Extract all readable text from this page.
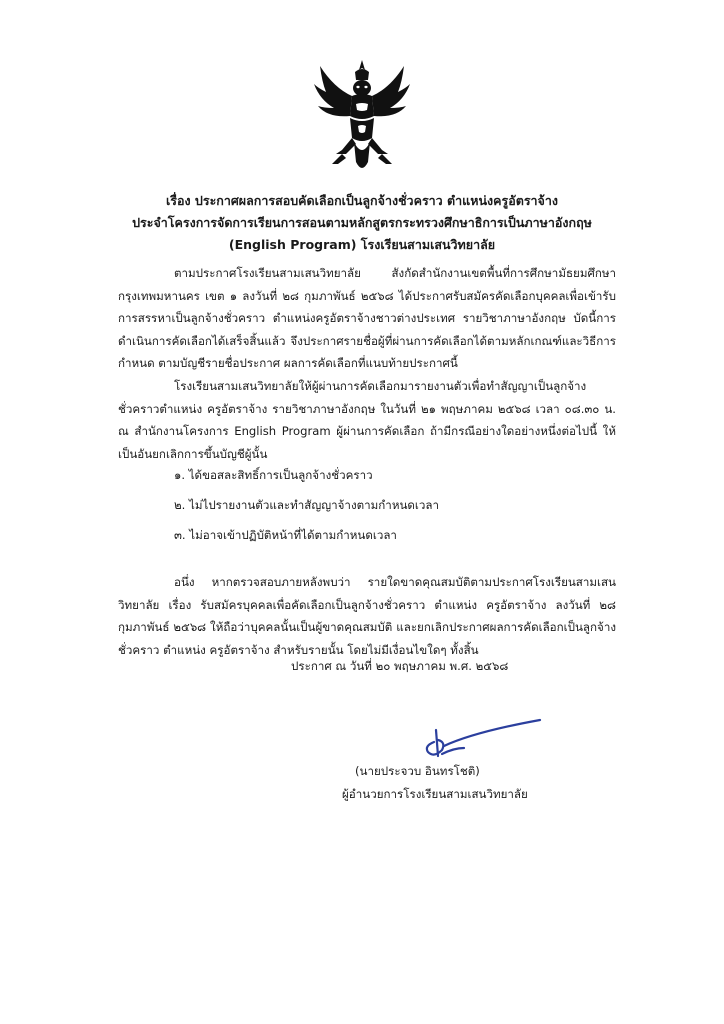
เรื่อง ประกาศผลการสอบคัดเลือกเป็นลูกจ้างชั่วคราว ตำแหน่งครูอัตราจ้าง
ประจำโครงการจัดการเรียนการสอนตามหลักสูตรกระทรวงศึกษาธิการเป็นภาษาอังกฤษ
(English Program) โรงเรียนสามเสนวิทยาลัย
ตามประกาศโรงเรียนสามเสนวิทยาลัย สังกัดสำนักงานเขตพื้นที่การศึกษามัธยมศึกษากรุงเทพมหานคร เขต ๑ ลงวันที่ ๒๘ กุมภาพันธ์ ๒๕๖๘ ได้ประกาศรับสมัครคัดเลือกบุคคลเพื่อเข้ารับการสรรหาเป็นลูกจ้างชั่วคราว ตำแหน่งครูอัตราจ้างชาวต่างประเทศ รายวิชาภาษาอังกฤษ บัดนี้การดำเนินการคัดเลือกได้เสร็จสิ้นแล้ว จึงประกาศรายชื่อผู้ที่ผ่านการคัดเลือกได้ตามหลักเกณฑ์และวิธีการกำหนด ตามบัญชีรายชื่อประกาศ ผลการคัดเลือกที่แนบท้ายประกาศนี้
โรงเรียนสามเสนวิทยาลัยให้ผู้ผ่านการคัดเลือกมารายงานตัวเพื่อทำสัญญาเป็นลูกจ้างชั่วคราวตำแหน่ง ครูอัตราจ้าง รายวิชาภาษาอังกฤษ ในวันที่ ๒๑ พฤษภาคม ๒๕๖๘ เวลา ๐๘.๓๐ น. ณ สำนักงานโครงการ English Program ผู้ผ่านการคัดเลือก ถ้ามีกรณีอย่างใดอย่างหนึ่งต่อไปนี้ ให้เป็นอันยกเลิกการขึ้นบัญชีผู้นั้น
๑. ได้ขอสละสิทธิ์การเป็นลูกจ้างชั่วคราว
๒. ไม่ไปรายงานตัวและทำสัญญาจ้างตามกำหนดเวลา
๓. ไม่อาจเข้าปฏิบัติหน้าที่ได้ตามกำหนดเวลา
อนึ่ง หากตรวจสอบภายหลังพบว่า รายใดขาดคุณสมบัติตามประกาศโรงเรียนสามเสนวิทยาลัย เรื่อง รับสมัครบุคคลเพื่อคัดเลือกเป็นลูกจ้างชั่วคราว ตำแหน่ง ครูอัตราจ้าง ลงวันที่ ๒๘ กุมภาพันธ์ ๒๕๖๘ ให้ถือว่าบุคคลนั้นเป็นผู้ขาดคุณสมบัติ และยกเลิกประกาศผลการคัดเลือกเป็นลูกจ้างชั่วคราว ตำแหน่ง ครูอัตราจ้าง สำหรับรายนั้น โดยไม่มีเงื่อนไขใดๆ ทั้งสิ้น
ประกาศ ณ วันที่ ๒๐ พฤษภาคม พ.ศ. ๒๕๖๘
(นายประจวบ อินทรโชติ)
ผู้อำนวยการโรงเรียนสามเสนวิทยาลัย
